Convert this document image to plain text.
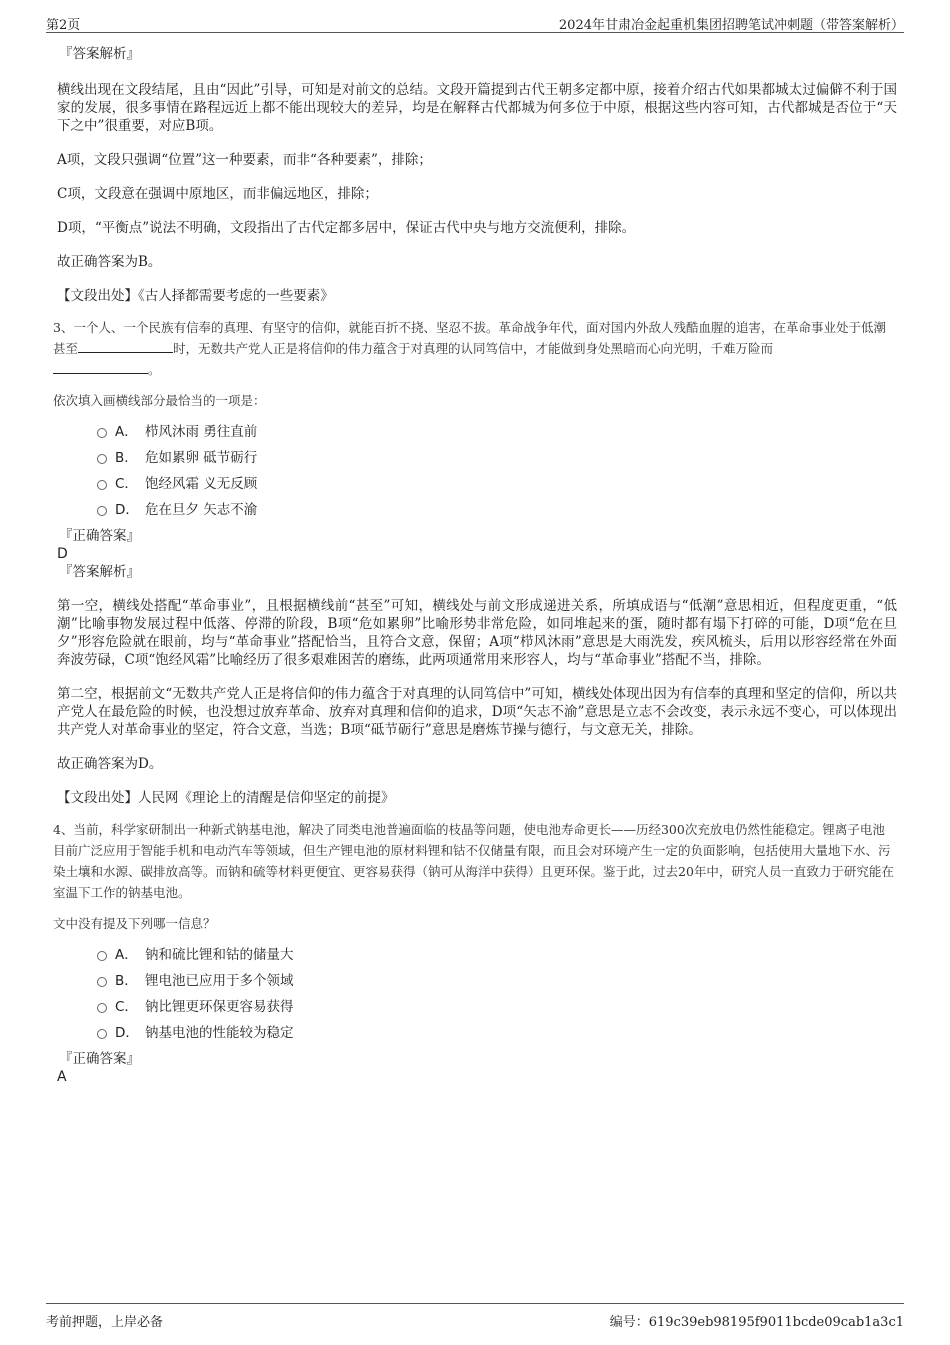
第2页	2024年甘肃冶金起重机集团招聘笔试冲刺题（带答案解析）

『答案解析』

横线出现在文段结尾，且由“因此”引导，可知是对前文的总结。文段开篇提到古代王朝多定都中原，接着介绍古代如果都城太过偏僻不利于国家的发展，很多事情在路程远近上都不能出现较大的差异，均是在解释古代都城为何多位于中原，根据这些内容可知，古代都城是否位于“天下之中”很重要，对应B项。

A项，文段只强调“位置”这一种要素，而非“各种要素”，排除；

C项，文段意在强调中原地区，而非偏远地区，排除；

D项，“平衡点”说法不明确，文段指出了古代定都多居中，保证古代中央与地方交流便利，排除。

故正确答案为B。

【文段出处】《古人择都需要考虑的一些要素》

3、一个人、一个民族有信奉的真理、有坚守的信仰，就能百折不挠、坚忍不拔。革命战争年代，面对国内外敌人残酷血腥的追害，在革命事业处于低潮甚至	时，无数共产党人正是将信仰的伟力蕴含于对真理的认同笃信中，才能做到身处黑暗而心向光明，千难万险而
。

依次填入画横线部分最恰当的一项是：

A． 栉风沐雨 勇往直前
B． 危如累卵 砥节砺行
C． 饱经风霜 义无反顾
D． 危在旦夕 矢志不渝

『正确答案』

D

『答案解析』

第一空，横线处搭配“革命事业”，且根据横线前“甚至”可知，横线处与前文形成递进关系，所填成语与“低潮”意思相近，但程度更重，“低潮”比喻事物发展过程中低落、停滞的阶段，B项“危如累卵”比喻形势非常危险，如同堆起来的蛋，随时都有塌下打碎的可能，D项“危在旦夕”形容危险就在眼前，均与“革命事业”搭配恰当，且符合文意，保留；A项“栉风沐雨”意思是大雨洗发，疾风梳头，后用以形容经常在外面奔波劳碌，C项“饱经风霜”比喻经历了很多艰难困苦的磨练，此两项通常用来形容人，均与“革命事业”搭配不当，排除。

第二空，根据前文“无数共产党人正是将信仰的伟力蕴含于对真理的认同笃信中”可知，横线处体现出因为有信奉的真理和坚定的信仰，所以共产党人在最危险的时候，也没想过放弃革命、放弃对真理和信仰的追求，D项“矢志不渝”意思是立志不会改变，表示永远不变心，可以体现出共产党人对革命事业的坚定，符合文意，当选；B项“砥节砺行”意思是磨炼节操与德行，与文意无关，排除。

故正确答案为D。

【文段出处】人民网《理论上的清醒是信仰坚定的前提》

4、当前，科学家研制出一种新式钠基电池，解决了同类电池普遍面临的枝晶等问题，使电池寿命更长——历经300次充放电仍然性能稳定。锂离子电池目前广泛应用于智能手机和电动汽车等领域，但生产锂电池的原材料锂和钴不仅储量有限，而且会对环境产生一定的负面影响，包括使用大量地下水、污染土壤和水源、碳排放高等。而钠和硫等材料更便宜、更容易获得（钠可从海洋中获得）且更环保。鉴于此，过去20年中，研究人员一直致力于研究能在室温下工作的钠基电池。

文中没有提及下列哪一信息？

A． 钠和硫比锂和钴的储量大
B． 锂电池已应用于多个领域
C． 钠比锂更环保更容易获得
D． 钠基电池的性能较为稳定

『正确答案』

A

考前押题，上岸必备	编号：619c39eb98195f9011bcde09cab1a3c1
